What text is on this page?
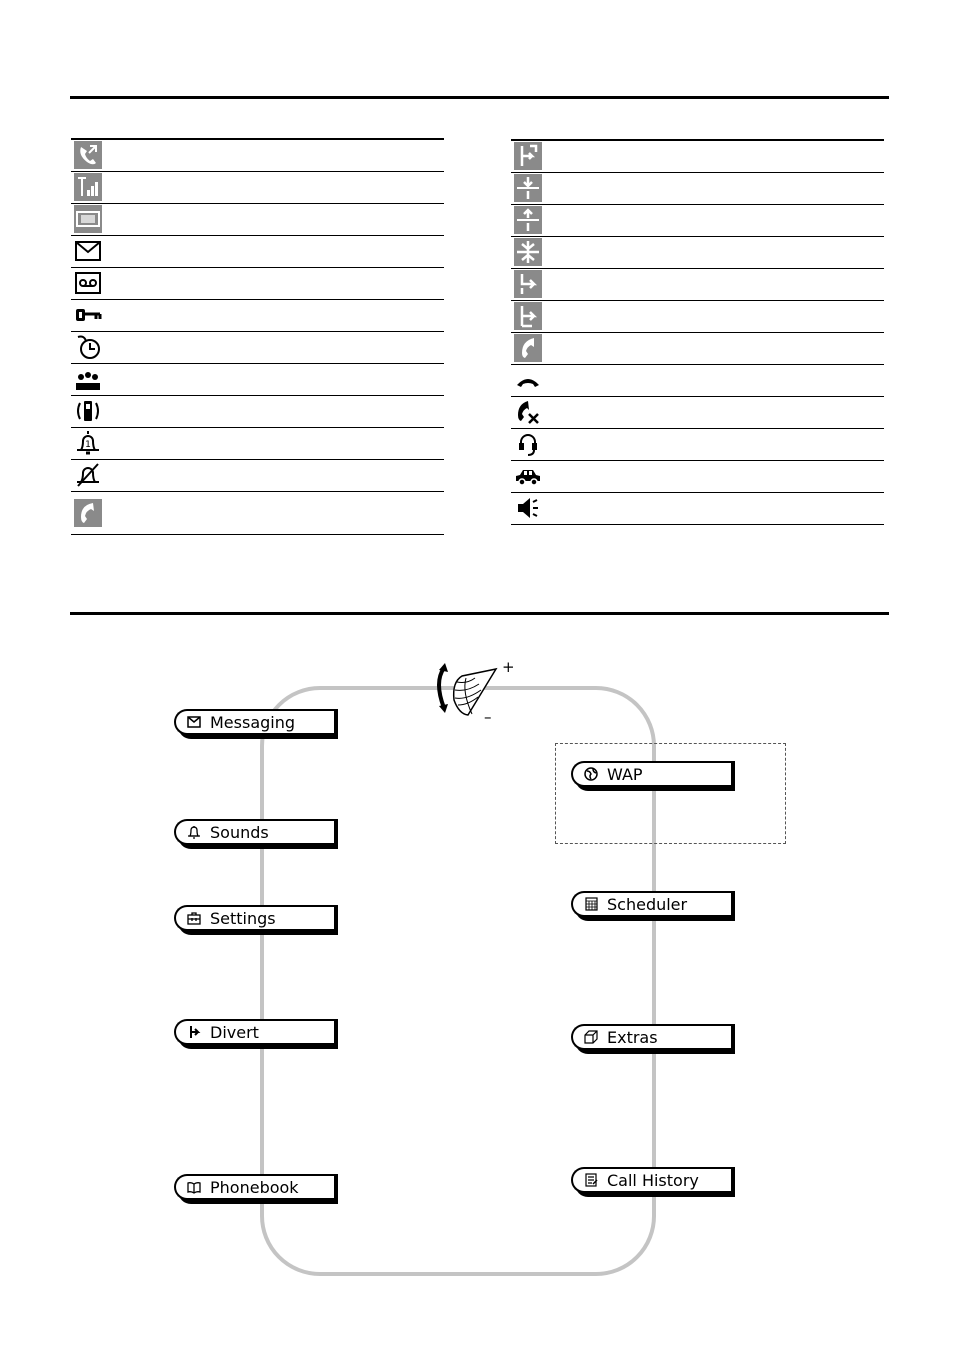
1
+
–
Messaging
Sounds
Settings
Divert
Phonebook
WAP
Scheduler
Extras
Call History
